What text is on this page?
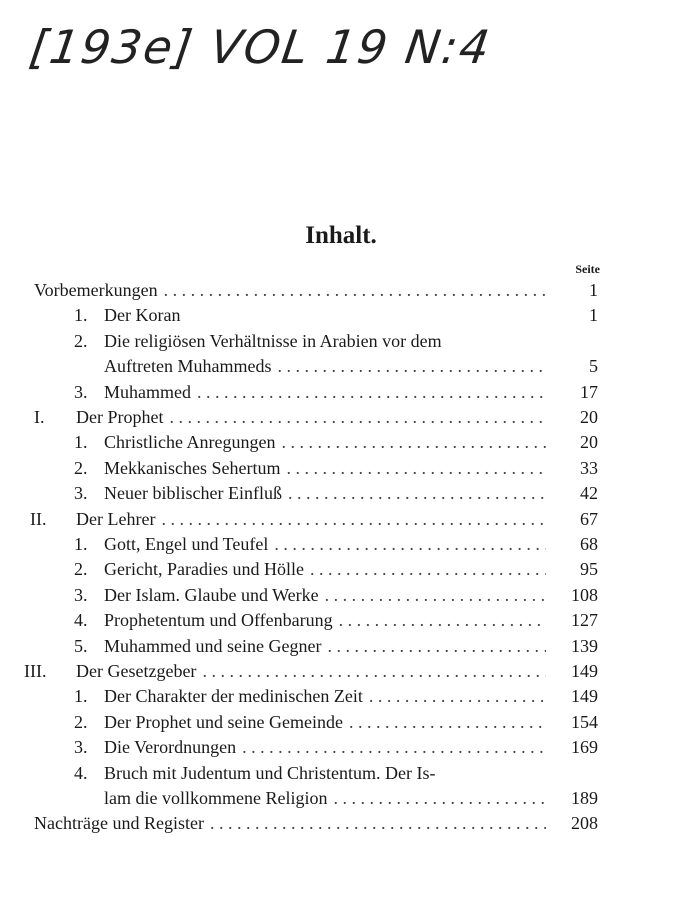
[193e] VOL 19 N:4
Inhalt.
Seite
Vorbemerkungen . . .	1
1. Der Koran	1
2. Die religiösen Verhältnisse in Arabien vor dem
Auftreten Muhammeds . . .	5
3. Muhammed . . .	17
I. Der Prophet . . .	20
1. Christliche Anregungen . . .	20
2. Mekkanisches Sehertum . . .	33
3. Neuer biblischer Einfluß . . .	42
II. Der Lehrer . . .	67
1. Gott, Engel und Teufel . . .	68
2. Gericht, Paradies und Hölle . . .	95
3. Der Islam. Glaube und Werke . . .	108
4. Prophetentum und Offenbarung . . .	127
5. Muhammed und seine Gegner . . .	139
III. Der Gesetzgeber . . .	149
1. Der Charakter der medinischen Zeit . . .	149
2. Der Prophet und seine Gemeinde . . .	154
3. Die Verordnungen . . .	169
4. Bruch mit Judentum und Christentum. Der Is-
lam die vollkommene Religion . . .	189
Nachträge und Register . . .	208
